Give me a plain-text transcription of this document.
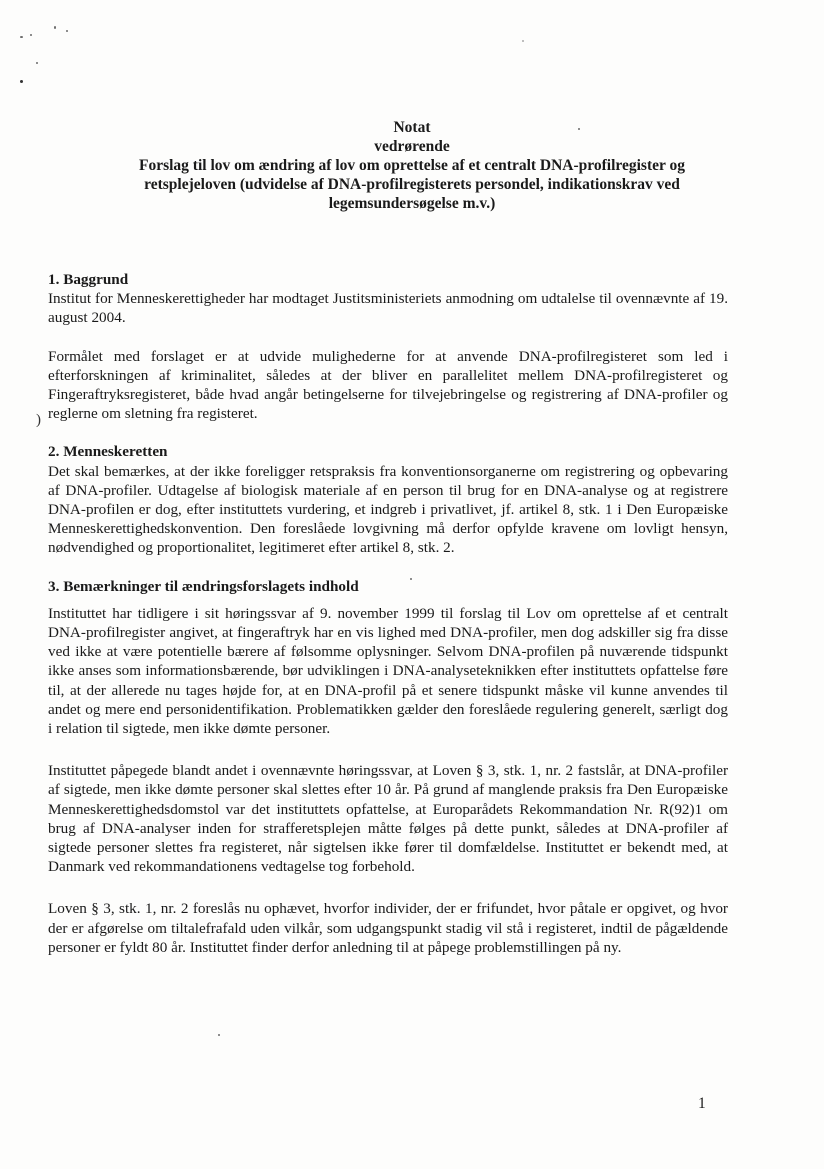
)
Notat
vedrørende
Forslag til lov om ændring af lov om oprettelse af et centralt DNA-profilregister og
retsplejeloven (udvidelse af DNA-profilregisterets persondel, indikationskrav ved
legemsundersøgelse m.v.)
1. Baggrund

Institut for Menneskerettigheder har modtaget Justitsministeriets anmodning om udtalelse til ovennævnte af 19. august 2004.

Formålet med forslaget er at udvide mulighederne for at anvende DNA-profilregisteret som led i efterforskningen af kriminalitet, således at der bliver en parallelitet mellem DNA-profilregisteret og Fingeraftryksregisteret, både hvad angår betingelserne for tilvejebringelse og registrering af DNA-profiler og reglerne om sletning fra registeret.

2. Menneskeretten

Det skal bemærkes, at der ikke foreligger retspraksis fra konventionsorganerne om registrering og opbevaring af DNA-profiler. Udtagelse af biologisk materiale af en person til brug for en DNA-analyse og at registrere DNA-profilen er dog, efter instituttets vurdering, et indgreb i privatlivet, jf. artikel 8, stk. 1 i Den Europæiske Menneskerettighedskonvention. Den foreslåede lovgivning må derfor opfylde kravene om lovligt hensyn, nødvendighed og proportionalitet, legitimeret efter artikel 8, stk. 2.

3. Bemærkninger til ændringsforslagets indhold

Instituttet har tidligere i sit høringssvar af 9. november 1999 til forslag til Lov om oprettelse af et centralt DNA-profilregister angivet, at fingeraftryk har en vis lighed med DNA-profiler, men dog adskiller sig fra disse ved ikke at være potentielle bærere af følsomme oplysninger. Selvom DNA-profilen på nuværende tidspunkt ikke anses som informationsbærende, bør udviklingen i DNA-analyseteknikken efter instituttets opfattelse føre til, at der allerede nu tages højde for, at en DNA-profil på et senere tidspunkt måske vil kunne anvendes til andet og mere end personidentifikation. Problematikken gælder den foreslåede regulering generelt, særligt dog i relation til sigtede, men ikke dømte personer.

Instituttet påpegede blandt andet i ovennævnte høringssvar, at Loven § 3, stk. 1, nr. 2 fastslår, at DNA-profiler af sigtede, men ikke dømte personer skal slettes efter 10 år. På grund af manglende praksis fra Den Europæiske Menneskerettighedsdomstol var det instituttets opfattelse, at Europarådets Rekommandation Nr. R(92)1 om brug af DNA-analyser inden for strafferetsplejen måtte følges på dette punkt, således at DNA-profiler af sigtede personer slettes fra registeret, når sigtelsen ikke fører til domfældelse. Instituttet er bekendt med, at Danmark ved rekommandationens vedtagelse tog forbehold.

Loven § 3, stk. 1, nr. 2 foreslås nu ophævet, hvorfor individer, der er frifundet, hvor påtale er opgivet, og hvor der er afgørelse om tiltalefrafald uden vilkår, som udgangspunkt stadig vil stå i registeret, indtil de pågældende personer er fyldt 80 år. Instituttet finder derfor anledning til at påpege problemstillingen på ny.

1
